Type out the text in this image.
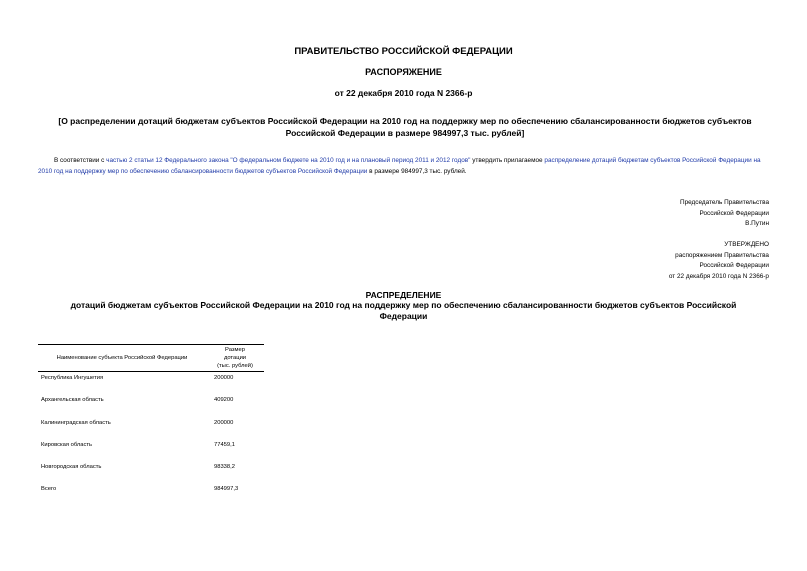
ПРАВИТЕЛЬСТВО РОССИЙСКОЙ ФЕДЕРАЦИИ
РАСПОРЯЖЕНИЕ
от 22 декабря 2010 года N 2366-р
[О распределении дотаций бюджетам субъектов Российской Федерации на 2010 год на поддержку мер по обеспечению сбалансированности бюджетов субъектов Российской Федерации в размере 984997,3 тыс. рублей]
В соответствии с частью 2 статьи 12 Федерального закона "О федеральном бюджете на 2010 год и на плановый период 2011 и 2012 годов" утвердить прилагаемое распределение дотаций бюджетам субъектов Российской Федерации на 2010 год на поддержку мер по обеспечению сбалансированности бюджетов субъектов Российской Федерации в размере 984997,3 тыс. рублей.
Председатель Правительства
Российской Федерации
В.Путин
УТВЕРЖДЕНО
распоряжением Правительства
Российской Федерации
от 22 декабря 2010 года N 2366-р
РАСПРЕДЕЛЕНИЕ
дотаций бюджетам субъектов Российской Федерации на 2010 год на поддержку мер по обеспечению сбалансированности бюджетов субъектов Российской Федерации
Наименование субъекта Российской Федерации	Размер
дотации
(тыс. рублей)

Республика Ингушетия	200000
Архангельская область	409200
Калининградская область	200000
Кировская область	77459,1
Новгородская область	98338,2
Всего	984997,3
